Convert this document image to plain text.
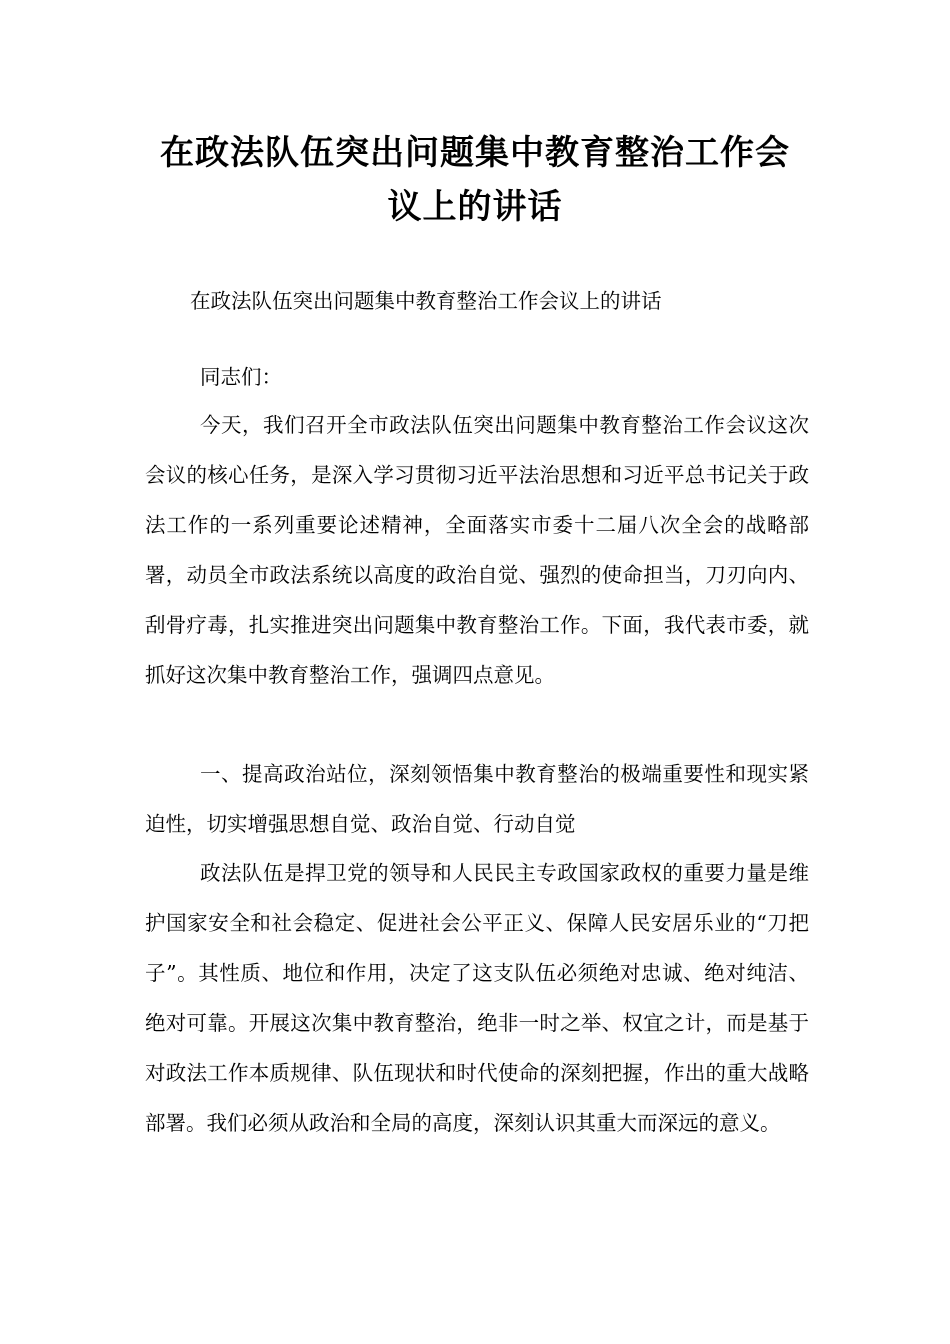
在政法队伍突出问题集中教育整治工作会
议上的讲话

在政法队伍突出问题集中教育整治工作会议上的讲话

同志们：

今天，我们召开全市政法队伍突出问题集中教育整治工作会议这次会议的核心任务，是深入学习贯彻习近平法治思想和习近平总书记关于政法工作的一系列重要论述精神，全面落实市委十二届八次全会的战略部署，动员全市政法系统以高度的政治自觉、强烈的使命担当，刀刃向内、刮骨疗毒，扎实推进突出问题集中教育整治工作。下面，我代表市委，就抓好这次集中教育整治工作，强调四点意见。

一、提高政治站位，深刻领悟集中教育整治的极端重要性和现实紧迫性，切实增强思想自觉、政治自觉、行动自觉

政法队伍是捍卫党的领导和人民民主专政国家政权的重要力量是维护国家安全和社会稳定、促进社会公平正义、保障人民安居乐业的“刀把子”。其性质、地位和作用，决定了这支队伍必须绝对忠诚、绝对纯洁、绝对可靠。开展这次集中教育整治，绝非一时之举、权宜之计，而是基于对政法工作本质规律、队伍现状和时代使命的深刻把握，作出的重大战略部署。我们必须从政治和全局的高度，深刻认识其重大而深远的意义。
